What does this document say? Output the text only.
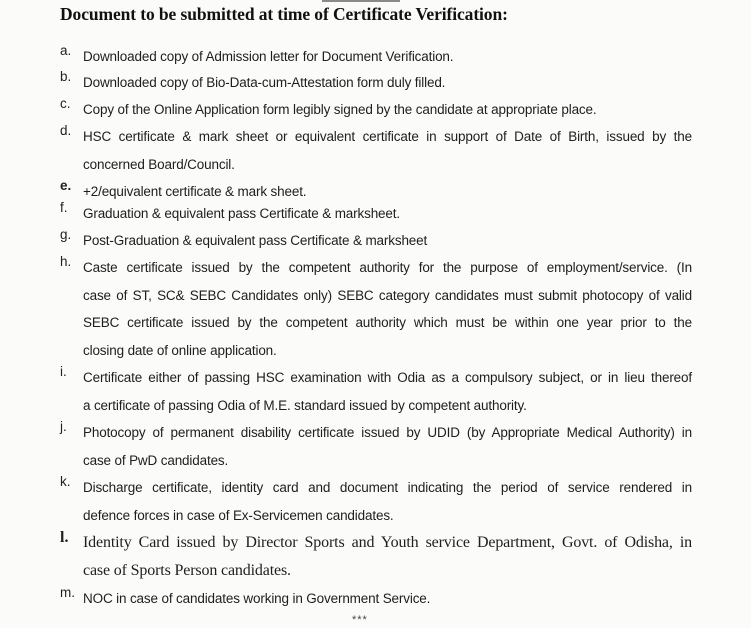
Document to be submitted at time of Certificate Verification:
a. Downloaded copy of Admission letter for Document Verification.
b. Downloaded copy of Bio-Data-cum-Attestation form duly filled.
c. Copy of the Online Application form legibly signed by the candidate at appropriate place.
d. HSC certificate & mark sheet or equivalent certificate in support of Date of Birth, issued by the
concerned Board/Council.
e. +2/equivalent certificate & mark sheet.
f. Graduation & equivalent pass Certificate & marksheet.
g. Post-Graduation & equivalent pass Certificate & marksheet
h. Caste certificate issued by the competent authority for the purpose of employment/service. (In
case of ST, SC& SEBC Candidates only) SEBC category candidates must submit photocopy of valid
SEBC certificate issued by the competent authority which must be within one year prior to the
closing date of online application.
i. Certificate either of passing HSC examination with Odia as a compulsory subject, or in lieu thereof
a certificate of passing Odia of M.E. standard issued by competent authority.
j. Photocopy of permanent disability certificate issued by UDID (by Appropriate Medical Authority) in
case of PwD candidates.
k. Discharge certificate, identity card and document indicating the period of service rendered in
defence forces in case of Ex-Servicemen candidates.
l. Identity Card issued by Director Sports and Youth service Department, Govt. of Odisha, in
case of Sports Person candidates.
m. NOC in case of candidates working in Government Service.
***
